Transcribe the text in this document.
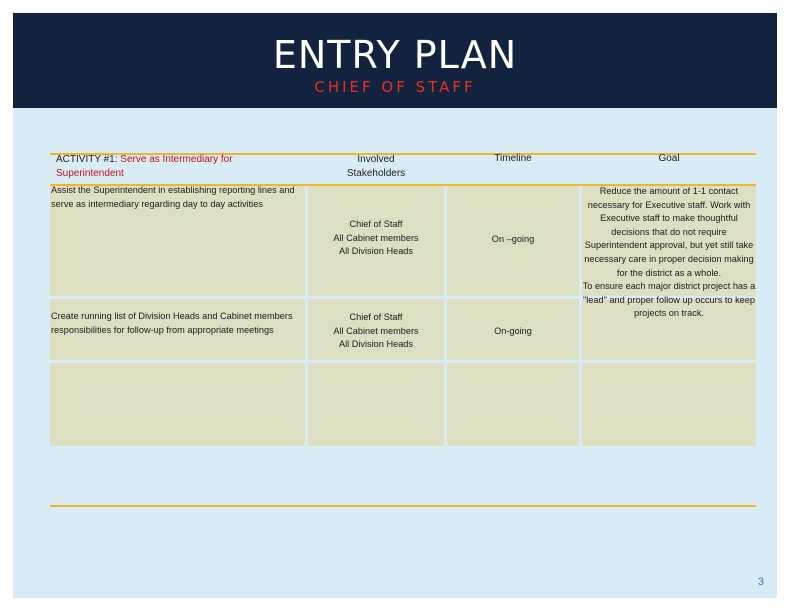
ENTRY PLAN
CHIEF OF STAFF
ACTIVITY #1: Serve as Intermediary for
Superintendent
Involved
Stakeholders
Timeline	Goal
Assist the Superintendent in establishing reporting lines and serve as intermediary regarding day to day activities
Chief of Staff
All Cabinet members
All Division Heads
On –going
Create running list of Division Heads and Cabinet members responsibilities for follow-up from appropriate meetings
Chief of Staff
All Cabinet members
All Division Heads
On-going
Reduce the amount of 1-1 contact necessary for Executive staff. Work with Executive staff to make thoughtful decisions that do not require Superintendent approval, but yet still take necessary care in proper decision making for the district as a whole.
To ensure each major district project has a "lead" and proper follow up occurs to keep projects on track.
3
